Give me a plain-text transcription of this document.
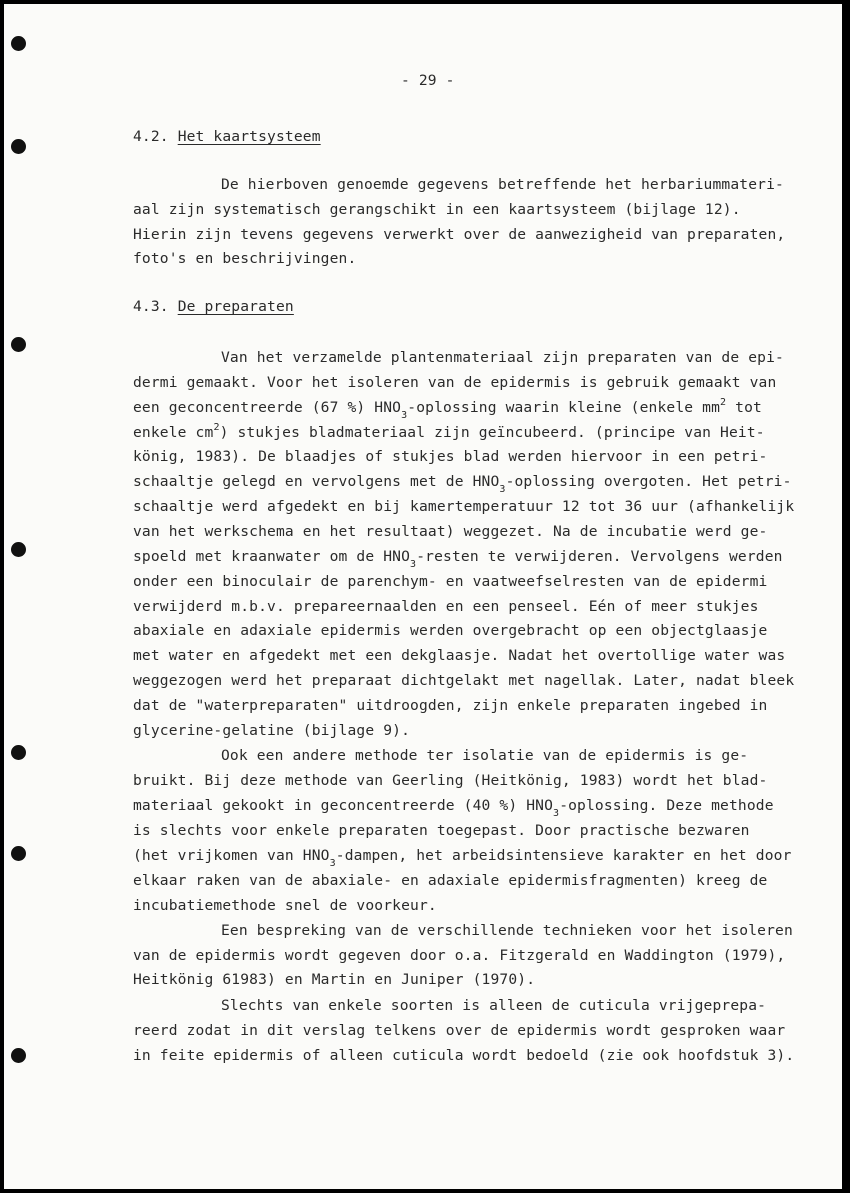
- 29 -
4.2. Het kaartsysteem
De hierboven genoemde gegevens betreffende het herbariummateri-
aal zijn systematisch gerangschikt in een kaartsysteem (bijlage 12).
Hierin zijn tevens gegevens verwerkt over de aanwezigheid van preparaten,
foto's en beschrijvingen.
4.3. De preparaten
Van het verzamelde plantenmateriaal zijn preparaten van de epi-
dermi gemaakt. Voor het isoleren van de epidermis is gebruik gemaakt van
een geconcentreerde (67 %) $HNO_3$-oplossing waarin kleine (enkele $mm^2$ tot
enkele $cm^2$) stukjes bladmateriaal zijn geïncubeerd. (principe van Heit-
könig, 1983). De blaadjes of stukjes blad werden hiervoor in een petri-
schaaltje gelegd en vervolgens met de $HNO_3$-oplossing overgoten. Het petri-
schaaltje werd afgedekt en bij kamertemperatuur 12 tot 36 uur (afhankelijk
van het werkschema en het resultaat) weggezet. Na de incubatie werd ge-
spoeld met kraanwater om de $HNO_3$-resten te verwijderen. Vervolgens werden
onder een binoculair de parenchym- en vaatweefselresten van de epidermi
verwijderd m.b.v. prepareernaalden en een penseel. Eén of meer stukjes
abaxiale en adaxiale epidermis werden overgebracht op een objectglaasje
met water en afgedekt met een dekglaasje. Nadat het overtollige water was
weggezogen werd het preparaat dichtgelakt met nagellak. Later, nadat bleek
dat de "waterpreparaten" uitdroogden, zijn enkele preparaten ingebed in
glycerine-gelatine (bijlage 9).
Ook een andere methode ter isolatie van de epidermis is ge-
bruikt. Bij deze methode van Geerling (Heitkönig, 1983) wordt het blad-
materiaal gekookt in geconcentreerde (40 %) $HNO_3$-oplossing. Deze methode
is slechts voor enkele preparaten toegepast. Door practische bezwaren
(het vrijkomen van $HNO_3$-dampen, het arbeidsintensieve karakter en het door
elkaar raken van de abaxiale- en adaxiale epidermisfragmenten) kreeg de
incubatiemethode snel de voorkeur.
Een bespreking van de verschillende technieken voor het isoleren
van de epidermis wordt gegeven door o.a. Fitzgerald en Waddington (1979),
Heitkönig 61983) en Martin en Juniper (1970).
Slechts van enkele soorten is alleen de cuticula vrijgeprepa-
reerd zodat in dit verslag telkens over de epidermis wordt gesproken waar
in feite epidermis of alleen cuticula wordt bedoeld (zie ook hoofdstuk 3).
